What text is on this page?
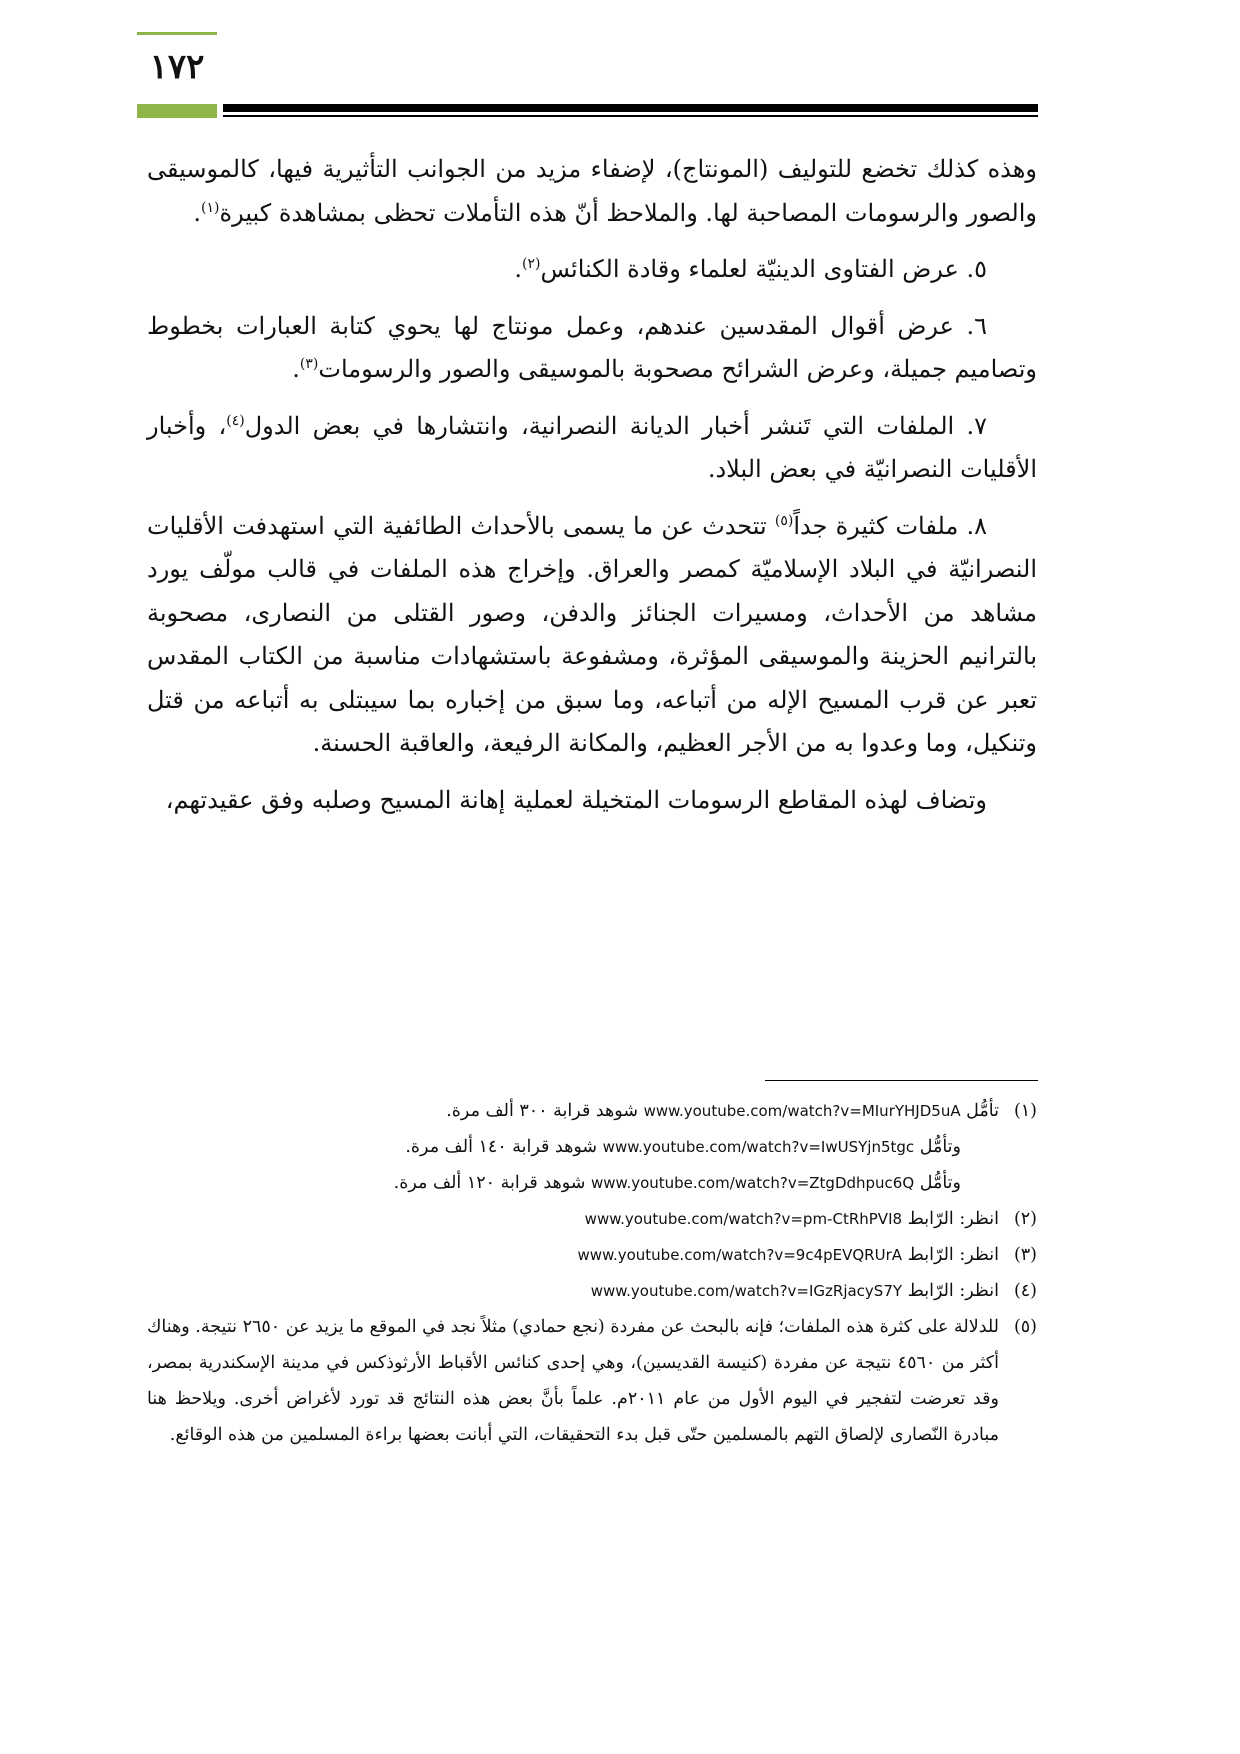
١٧٢

وهذه كذلك تخضع للتوليف (المونتاج)، لإضفاء مزيد من الجوانب التأثيرية فيها، كالموسيقى والصور والرسومات المصاحبة لها. والملاحظ أنّ هذه التأملات تحظى بمشاهدة كبيرة$^{(١)}$.

٥. عرض الفتاوى الدينيّة لعلماء وقادة الكنائس$^{(٢)}$.

٦. عرض أقوال المقدسين عندهم، وعمل مونتاج لها يحوي كتابة العبارات بخطوط وتصاميم جميلة، وعرض الشرائح مصحوبة بالموسيقى والصور والرسومات$^{(٣)}$.

٧. الملفات التي تَنشر أخبار الديانة النصرانية، وانتشارها في بعض الدول$^{(٤)}$، وأخبار الأقليات النصرانيّة في بعض البلاد.

٨. ملفات كثيرة جداً$^{(٥)}$ تتحدث عن ما يسمى بالأحداث الطائفية التي استهدفت الأقليات النصرانيّة في البلاد الإسلاميّة كمصر والعراق. وإخراج هذه الملفات في قالب مولّف يورد مشاهد من الأحداث، ومسيرات الجنائز والدفن، وصور القتلى من النصارى، مصحوبة بالترانيم الحزينة والموسيقى المؤثرة، ومشفوعة باستشهادات مناسبة من الكتاب المقدس تعبر عن قرب المسيح الإله من أتباعه، وما سبق من إخباره بما سيبتلى به أتباعه من قتل وتنكيل، وما وعدوا به من الأجر العظيم، والمكانة الرفيعة، والعاقبة الحسنة.

وتضاف لهذه المقاطع الرسومات المتخيلة لعملية إهانة المسيح وصلبه وفق عقيدتهم،

(١)
تأمُّل www.youtube.com/watch?v=MIurYHJD5uA شوهد قرابة ٣٠٠ ألف مرة.
وتأمُّل www.youtube.com/watch?v=IwUSYjn5tgc شوهد قرابة ١٤٠ ألف مرة.
وتأمُّل www.youtube.com/watch?v=ZtgDdhpuc6Q شوهد قرابة ١٢٠ ألف مرة.
(٢)
انظر: الرّابط www.youtube.com/watch?v=pm-CtRhPVI8
(٣)
انظر: الرّابط www.youtube.com/watch?v=9c4pEVQRUrA
(٤)
انظر: الرّابط www.youtube.com/watch?v=IGzRjacyS7Y
(٥)
للدلالة على كثرة هذه الملفات؛ فإنه بالبحث عن مفردة (نجع حمادي) مثلاً نجد في الموقع ما يزيد عن ٢٦٥٠ نتيجة. وهناك أكثر من ٤٥٦٠ نتيجة عن مفردة (كنيسة القديسين)، وهي إحدى كنائس الأقباط الأرثوذكس في مدينة الإسكندرية بمصر، وقد تعرضت لتفجير في اليوم الأول من عام ٢٠١١م. علماً بأنَّ بعض هذه النتائج قد تورد لأغراض أخرى. ويلاحظ هنا مبادرة النّصارى لإلصاق التهم بالمسلمين حتّى قبل بدء التحقيقات، التي أبانت بعضها براءة المسلمين من هذه الوقائع.
